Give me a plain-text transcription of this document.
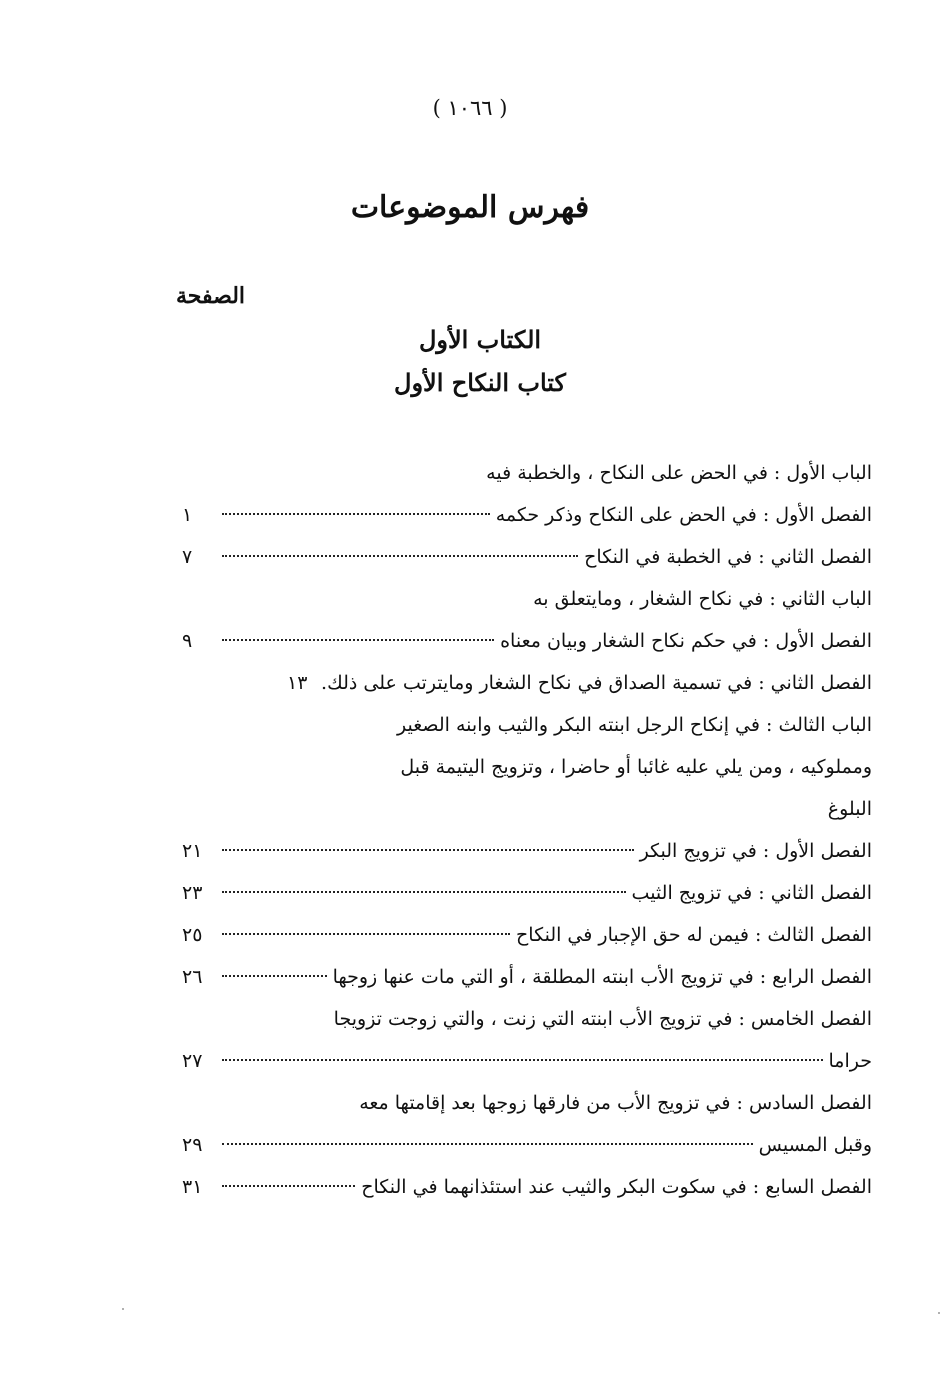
( ١٠٦٦ )
فهرس الموضوعات
الصفحة
الكتاب الأول
كتاب النكاح الأول
الباب الأول : في الحض على النكاح ، والخطبة فيه
الفصل الأول : في الحض على النكاح وذكر حكمه
١
الفصل الثاني : في الخطبة في النكاح
٧
الباب الثاني : في نكاح الشغار ، ومايتعلق به
الفصل الأول : في حكم نكاح الشغار وبيان معناه
٩
الفصل الثاني : في تسمية الصداق في نكاح الشغار ومايترتب على ذلك.
١٣
الباب الثالث : في إنكاح الرجل ابنته البكر والثيب وابنه الصغير
ومملوكيه ، ومن يلي عليه غائبا أو حاضرا ، وتزويج اليتيمة قبل
البلوغ
الفصل الأول : في تزويج البكر
٢١
الفصل الثاني : في تزويج الثيب
٢٣
الفصل الثالث : فيمن له حق الإجبار في النكاح
٢٥
الفصل الرابع : في تزويج الأب ابنته المطلقة ، أو التي مات عنها زوجها
٢٦
الفصل الخامس : في تزويج الأب ابنته التي زنت ، والتي زوجت تزويجا
حراما
٢٧
الفصل السادس : في تزويج الأب من فارقها زوجها بعد إقامتها معه
وقبل المسيس
٢٩
الفصل السابع : في سكوت البكر والثيب عند استئذانهما في النكاح
٣١
